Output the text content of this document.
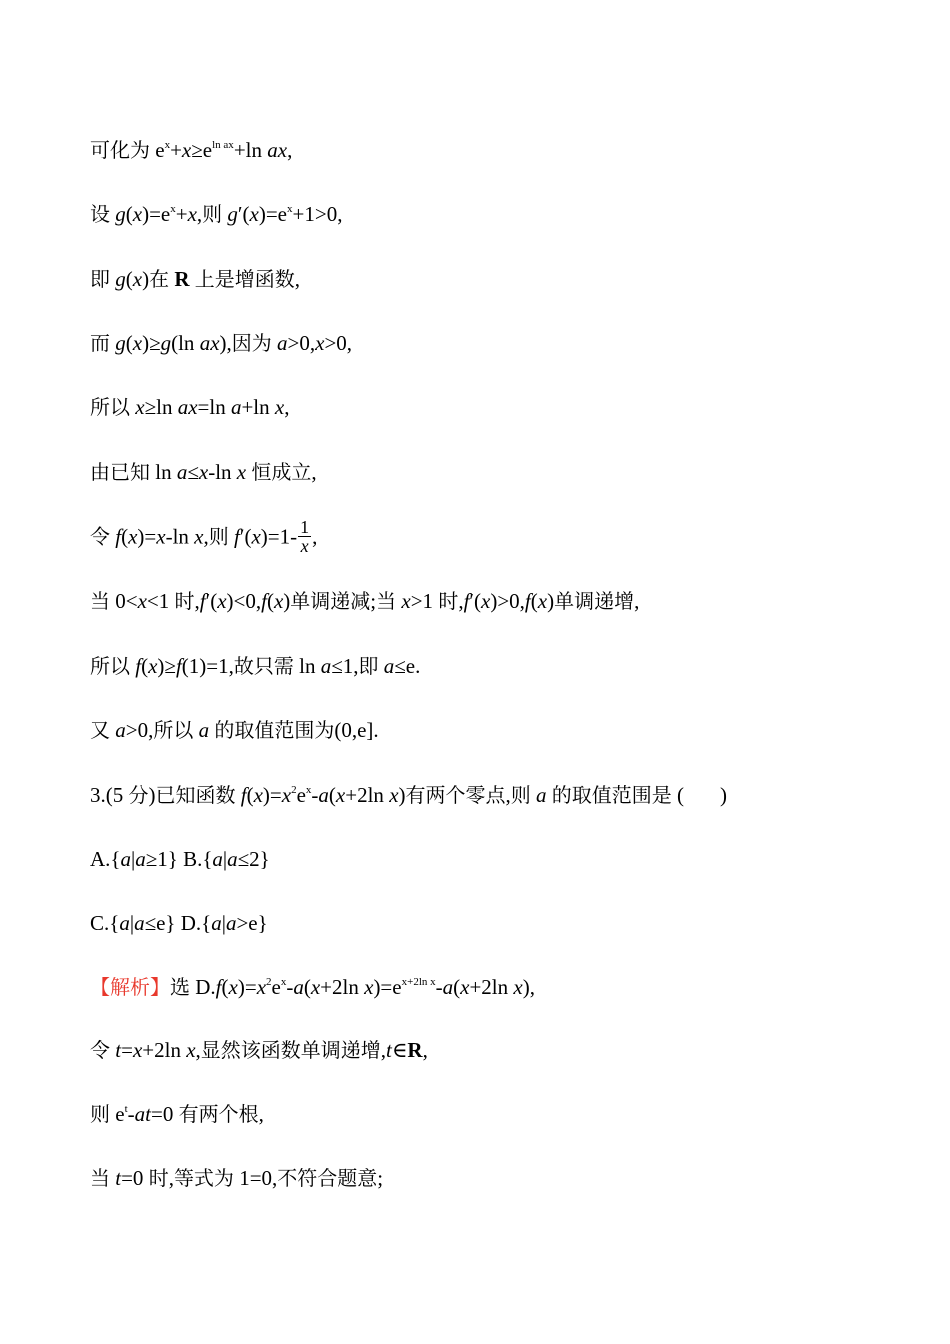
可化为 $e^x+x\ge e^{ln ax}+\ln$ ax,
设 $g(x)=e^x+x$,则 $g'(x)=e^x+1>0$,
即 g(x)在 R 上是增函数,
而 g(x)≥g(ln ax),因为 a>0,x>0,
所以 x≥ln ax=ln a+ln x,
由已知 ln a≤x-ln x 恒成立,
令 f(x)=x-ln x,则 $f'(x)=1- \frac{1}{x}$ ,
当 0<x<1 时,f′(x)<0,f(x)单调递减;当 x>1 时,f′(x)>0,f(x)单调递增,
所以 f(x)≥f(1)=1,故只需 ln a≤1,即 a≤e.
又 a>0,所以 a 的取值范围为(0,e].
3.(5 分)已知函数 $f(x)=x^2e^x-a(x+2\ln$ x)有两个零点,则 a 的取值范围是 ( )
A.{a|a≥1} B.{a|a≤2}
C.{a|a≤e} D.{a|a>e}
【解析】选 $D.f(x)=x^2e^x-a(x+2\ln$ $x)=e^{x+2ln x}-a(x+2\ln$ x),
令 t=x+2ln x,显然该函数单调递增,t∈R,
则 $e^t-at=0$ 有两个根,
当 t=0 时,等式为 1=0,不符合题意;
